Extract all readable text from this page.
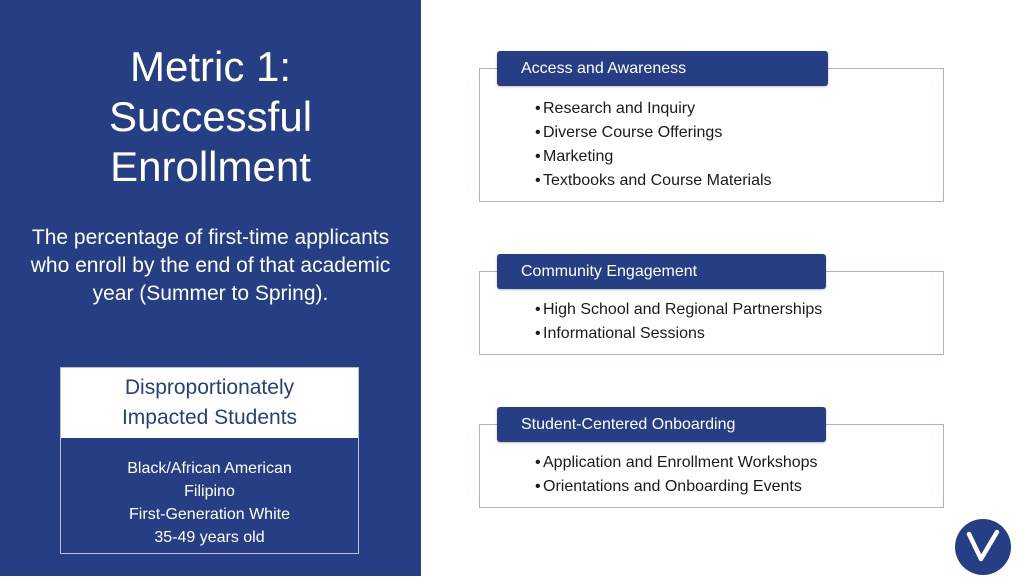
Metric 1:
Successful
Enrollment
The percentage of first-time applicants who enroll by the end of that academic year (Summer to Spring).
Disproportionately
Impacted Students
Black/African American
Filipino
First-Generation White
35-49 years old
Access and Awareness
• Research and Inquiry
• Diverse Course Offerings
• Marketing
• Textbooks and Course Materials
Community Engagement
• High School and Regional Partnerships
• Informational Sessions
Student-Centered Onboarding
• Application and Enrollment Workshops
• Orientations and Onboarding Events
